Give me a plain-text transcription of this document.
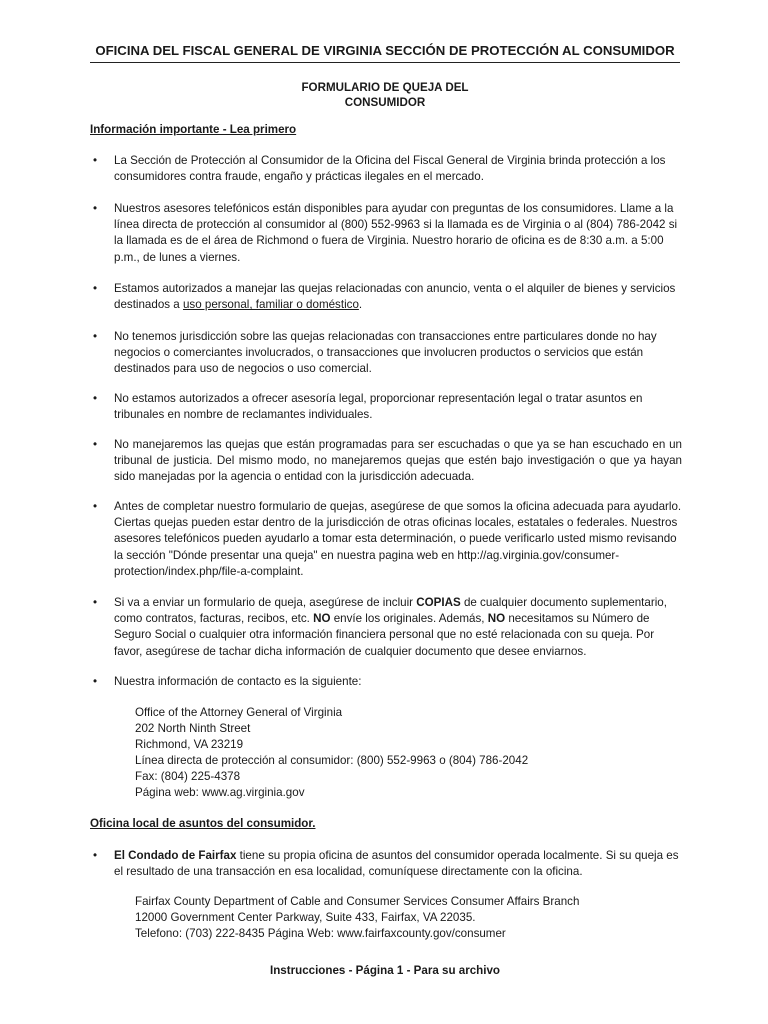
OFICINA DEL FISCAL GENERAL DE VIRGINIA SECCIÓN DE PROTECCIÓN AL CONSUMIDOR
FORMULARIO DE QUEJA DEL
CONSUMIDOR
Información importante - Lea primero
• La Sección de Protección al Consumidor de la Oficina del Fiscal General de Virginia brinda protección a los consumidores contra fraude, engaño y prácticas ilegales en el mercado.
• Nuestros asesores telefónicos están disponibles para ayudar con preguntas de los consumidores. Llame a la línea directa de protección al consumidor al (800) 552-9963 si la llamada es de Virginia o al (804) 786-2042 si la llamada es de el área de Richmond o fuera de Virginia. Nuestro horario de oficina es de 8:30 a.m. a 5:00 p.m., de lunes a viernes.
• Estamos autorizados a manejar las quejas relacionadas con anuncio, venta o el alquiler de bienes y servicios destinados a uso personal, familiar o doméstico.
• No tenemos jurisdicción sobre las quejas relacionadas con transacciones entre particulares donde no hay negocios o comerciantes involucrados, o transacciones que involucren productos o servicios que están destinados para uso de negocios o uso comercial.
• No estamos autorizados a ofrecer asesoría legal, proporcionar representación legal o tratar asuntos en tribunales en nombre de reclamantes individuales.
• No manejaremos las quejas que están programadas para ser escuchadas o que ya se han escuchado en un tribunal de justicia. Del mismo modo, no manejaremos quejas que estén bajo investigación o que ya hayan sido manejadas por la agencia o entidad con la jurisdicción adecuada.
• Antes de completar nuestro formulario de quejas, asegúrese de que somos la oficina adecuada para ayudarlo. Ciertas quejas pueden estar dentro de la jurisdicción de otras oficinas locales, estatales o federales. Nuestros asesores telefónicos pueden ayudarlo a tomar esta determinación, o puede verificarlo usted mismo revisando la sección "Dónde presentar una queja" en nuestra pagina web en http://ag.virginia.gov/consumer-protection/index.php/file-a-complaint.
• Si va a enviar un formulario de queja, asegúrese de incluir COPIAS de cualquier documento suplementario, como contratos, facturas, recibos, etc. NO envíe los originales. Además, NO necesitamos su Número de Seguro Social o cualquier otra información financiera personal que no esté relacionada con su queja. Por favor, asegúrese de tachar dicha información de cualquier documento que desee enviarnos.
• Nuestra información de contacto es la siguiente:
Office of the Attorney General of Virginia
202 North Ninth Street
Richmond, VA 23219
Línea directa de protección al consumidor: (800) 552-9963 o (804) 786-2042
Fax: (804) 225-4378
Página web: www.ag.virginia.gov
Oficina local de asuntos del consumidor.
• El Condado de Fairfax tiene su propia oficina de asuntos del consumidor operada localmente. Si su queja es el resultado de una transacción en esa localidad, comuníquese directamente con la oficina.
Fairfax County Department of Cable and Consumer Services Consumer Affairs Branch
12000 Government Center Parkway, Suite 433, Fairfax, VA 22035.
Telefono: (703) 222-8435 Página Web: www.fairfaxcounty.gov/consumer
Instrucciones - Página 1 - Para su archivo
